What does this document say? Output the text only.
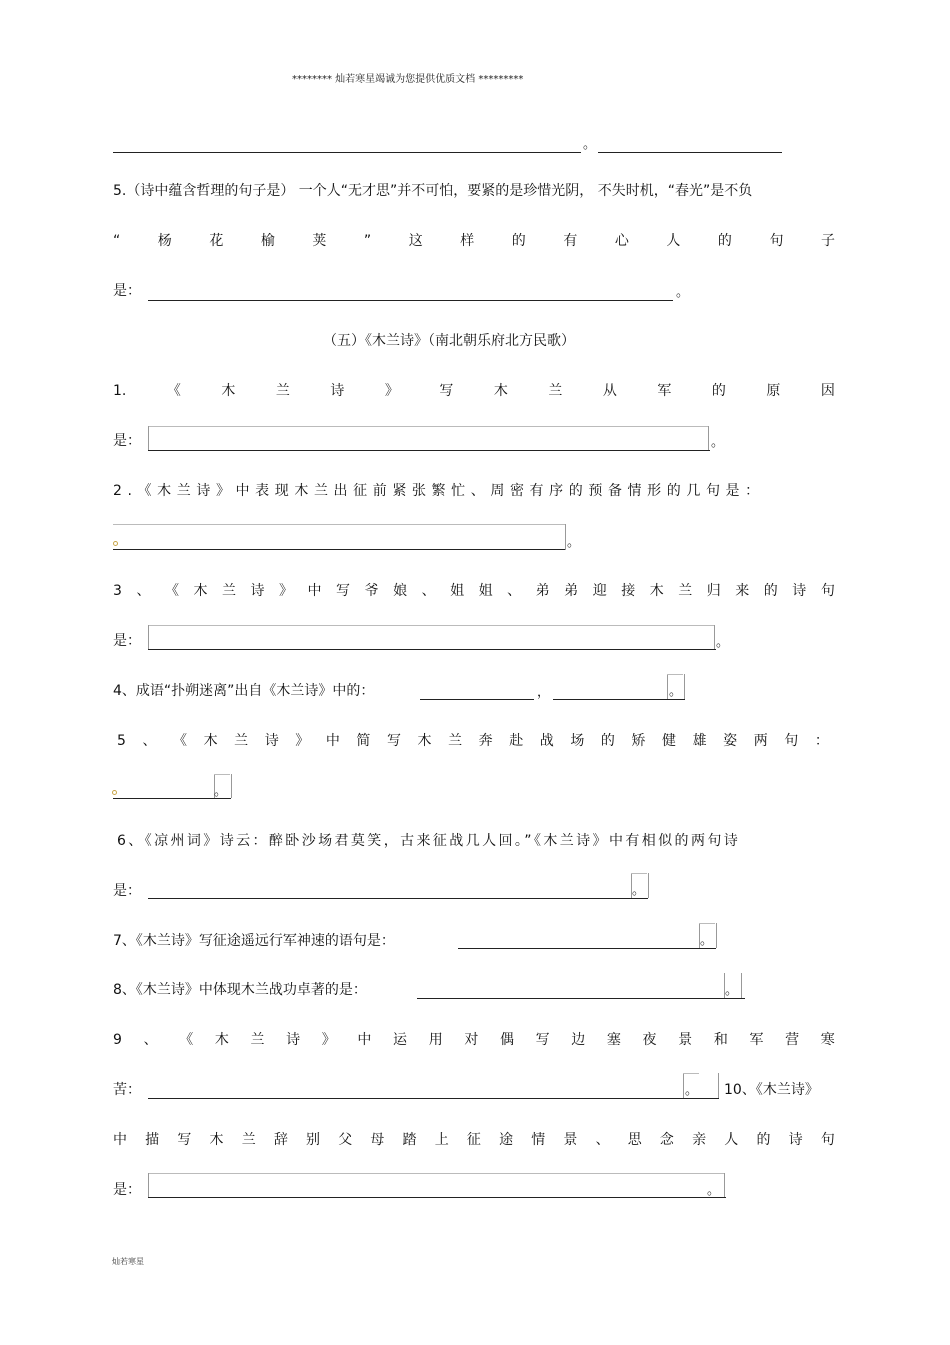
******** 灿若寒星竭诚为您提供优质文档 *********
灿若寒星
。
5.（诗中蕴含哲理的句子是） 一个人“无才思”并不可怕，要紧的是珍惜光阴， 不失时机，“春光”是不负
“	杨	花	榆	荚	”	这	样	的	有	心	人	的	句	子
是：	。
（五）《木兰诗》（南北朝乐府北方民歌）
1.	《	木	兰	诗	》	写	木	兰	从	军	的	原	因
是：	。
2.《木兰诗》中表现木兰出征前紧张繁忙、周密有序的预备情形的几句是：
。
3 、 《 木 兰 诗 》 中 写 爷 娘 、 姐 姐 、 弟 弟 迎 接 木 兰 归 来 的 诗 句
是：	。
4、成语“扑朔迷离”出自《木兰诗》中的：	，	。
5 、 《 木 兰 诗 》 中 简 写 木 兰 奔 赴 战 场 的 矫 健 雄 姿 两 句 ：
。
6、《凉州词》诗云：醉卧沙场君莫笑，古来征战几人回。”《木兰诗》中有相似的两句诗
是：	。
7、《木兰诗》写征途遥远行军神速的语句是：	。
8、《木兰诗》中体现木兰战功卓著的是：	。
9 、 《 木 兰 诗 》 中 运 用 对 偶 写 边 塞 夜 景 和 军 营 寒
苦：	。 10、《木兰诗》
中 描 写 木 兰 辞 别 父 母 踏 上 征 途 情 景 、 思 念 亲 人 的 诗 句
是：	。
